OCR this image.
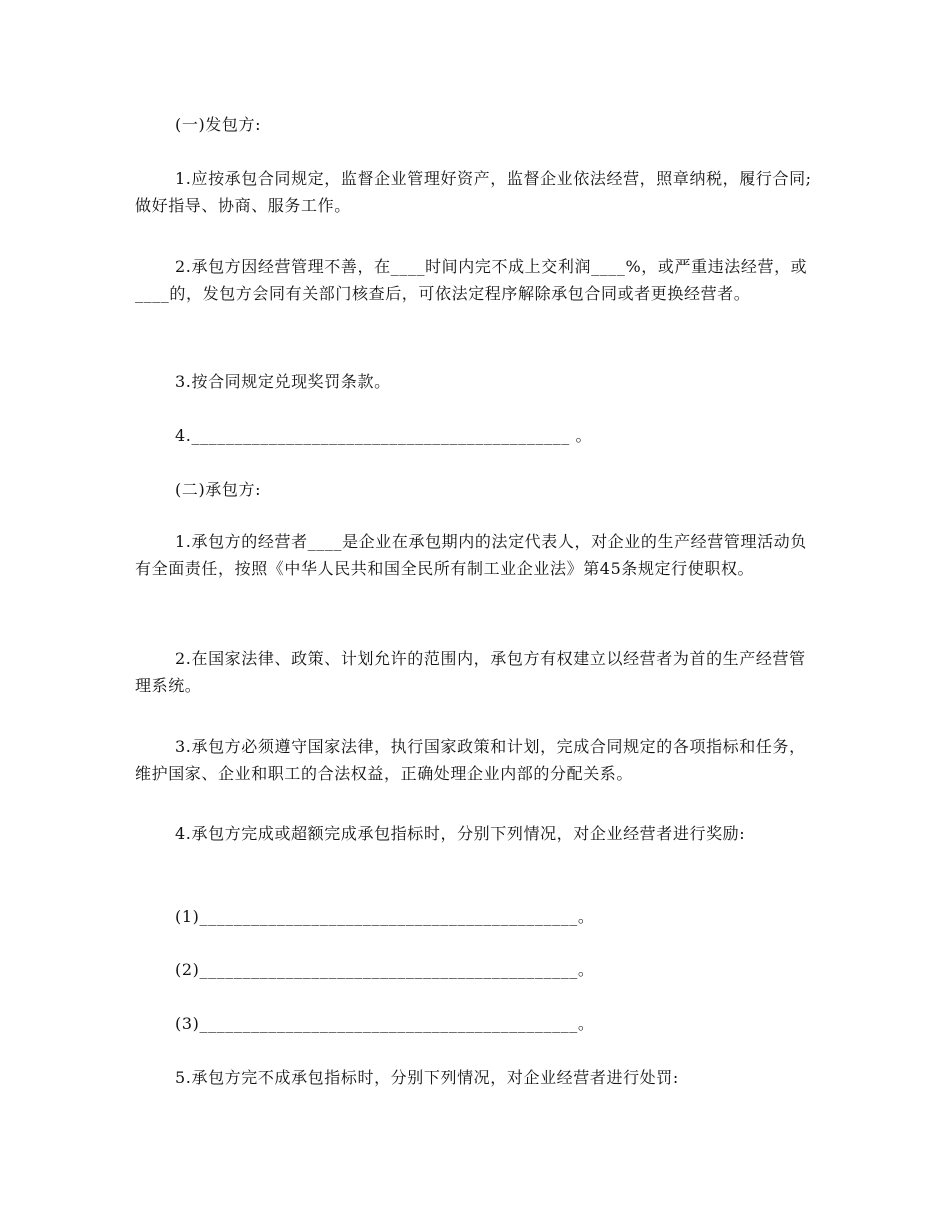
(一)发包方:

1.应按承包合同规定，监督企业管理好资产，监督企业依法经营，照章纳税，履行合同;做好指导、协商、服务工作。

2.承包方因经营管理不善，在____时间内完不成上交利润____%，或严重违法经营，或____的，发包方会同有关部门核查后，可依法定程序解除承包合同或者更换经营者。

3.按合同规定兑现奖罚条款。

4.____________________________________________ 。

(二)承包方:

1.承包方的经营者____是企业在承包期内的法定代表人，对企业的生产经营管理活动负有全面责任，按照《中华人民共和国全民所有制工业企业法》第45条规定行使职权。

2.在国家法律、政策、计划允许的范围内，承包方有权建立以经营者为首的生产经营管理系统。

3.承包方必须遵守国家法律，执行国家政策和计划，完成合同规定的各项指标和任务，维护国家、企业和职工的合法权益，正确处理企业内部的分配关系。

4.承包方完成或超额完成承包指标时，分别下列情况，对企业经营者进行奖励:

(1)____________________________________________。

(2)____________________________________________。

(3)____________________________________________。

5.承包方完不成承包指标时，分别下列情况，对企业经营者进行处罚:
